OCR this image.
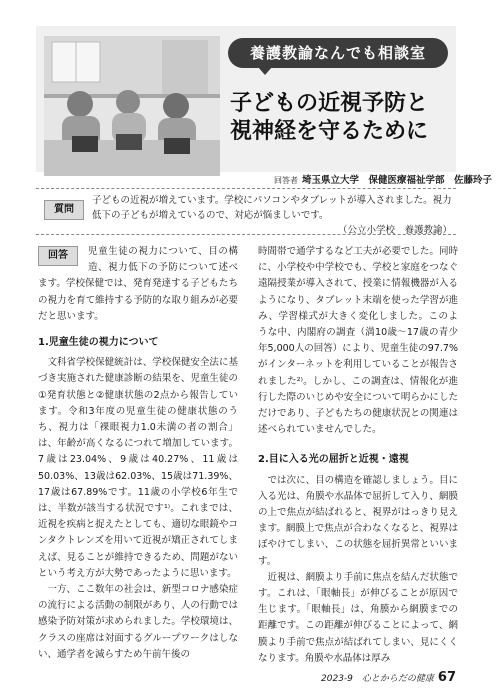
養護教諭なんでも相談室
子どもの近視予防と
視神経を守るために
回答者 埼玉県立大学　保健医療福祉学部　佐藤玲子
質問
子どもの近視が増えています。学校にパソコンやタブレットが導入されました。視力低下の子どもが増えているので、対応が悩ましいです。
（公立小学校　養護教諭）
回答	児童生徒の視力について、目の構造、視力低下の予防について述べます。学校保健では、発育発達する子どもたちの視力を育て維持する予防的な取り組みが必要だと思います。
1.児童生徒の視力について
文科省学校保健統計は、学校保健安全法に基づき実施された健康診断の結果を、児童生徒の①発育状態と②健康状態の2点から報告しています。令和3年度の児童生徒の健康状態のうち、視力は「裸眼視力1.0未満の者の割合」は、年齢が高くなるにつれて増加しています。7歳は23.04%、9歳は40.27%、11歳は50.03%、13歳は62.03%、15歳は71.39%、17歳は67.89%です。11歳の小学校6年生では、半数が該当する状況です¹⁾。これまでは、近視を疾病と捉えたとしても、適切な眼鏡やコンタクトレンズを用いて近視が矯正されてしまえば、見ることが維持できるため、問題がないという考え方が大勢であったように思います。
一方、ここ数年の社会は、新型コロナ感染症の流行による活動の制限があり、人の行動では感染予防対策が求められました。学校環境は、クラスの座席は対面するグループワークはしない、通学者を減らすため午前午後の
時間帯で通学するなど工夫が必要でした。同時に、小学校や中学校でも、学校と家庭をつなぐ遠隔授業が導入されて、授業に情報機器が入るようになり、タブレット末端を使った学習が進み、学習様式が大きく変化しました。このような中、内閣府の調査（満10歳～17歳の青少年5,000人の回答）により、児童生徒の97.7%がインターネットを利用していることが報告されました²⁾。しかし、この調査は、情報化が進行した際のいじめや安全について明らかにしただけであり、子どもたちの健康状況との関連は述べられていませんでした。
2.目に入る光の屈折と近視・遠視
では次に、目の構造を確認しましょう。目に入る光は、角膜や水晶体で屈折して入り、網膜の上で焦点が結ばれると、視界がはっきり見えます。網膜上で焦点が合わなくなると、視界はぼやけてしまい、この状態を屈折異常といいます。
近視は、網膜より手前に焦点を結んだ状態です。これは、「眼軸長」が伸びることが原因で生じます。「眼軸長」は、角膜から網膜までの距離です。この距離が伸びることによって、網膜より手前で焦点が結ばれてしまい、見にくくなります。角膜や水晶体は厚み
2023-9　心とからだの健康 67
